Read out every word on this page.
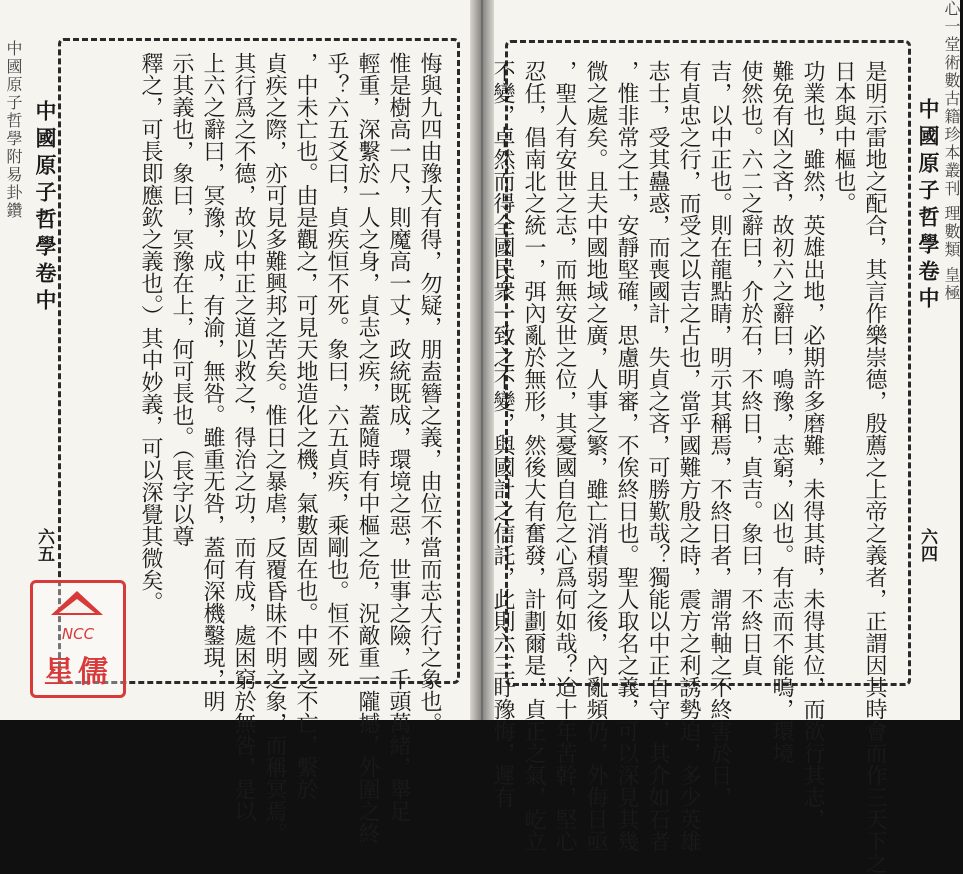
中國原子哲學附易卦鑽	心一堂術數古籍珍本叢刊 理數類 皇極
中國原子哲學卷中	中國原子哲學卷中
六五	六四
悔與九四由豫大有得，勿疑，朋盍簪之義，由位不當而志大行之象也。
惟是樹高一尺，則魔高一丈，政統既成，環境之惡，世事之險，千頭萬緒，舉足
輕重，深繫於一人之身，貞志之疾，蓋隨時有中樞之危，況敵重一隴撼，外圍之終
乎？六五爻曰，貞疾恒不死。象曰，六五貞疾，乘剛也。恒不死
，中未亡也。由是觀之，可見天地造化之機，氣數固在也。中國之不亡，繫於
貞疾之際，亦可見多難興邦之苦矣。惟日之暴虐，反覆昏昧不明之象，而稱冥焉。
其行爲之不德，故以中正之道以救之，得治之功，而有成，處困窮於無咎，是以
上六之辭曰，冥豫，成，有渝，無咎。雖重无咎，蓋何深機鑿現，明
示其義也，象曰，冥豫在上，何可長也。（長字以尊
釋之，可長即應欽之義也。）其中妙義，可以深覺其微矣。	是明示雷地之配合，其言作樂崇德，殷薦之上帝之義者，正謂因其時會而作三天下之
日本與中樞也。
功業也，雖然，英雄出地，必期許多磨難，未得其時，未得其位，而欲行其志，
難免有凶之吝，故初六之辭曰，鳴豫，志窮，凶也。有志而不能鳴，環境
使然也。六二之辭曰，介於石，不終日，貞吉。象曰，不終日貞
吉，以中正也。則在龍點睛，明示其稱焉，不終日者，謂常軸之不終害於日，
有貞忠之行，而受之以吉之占也，當乎國難方殷之時，震方之利誘勢迫，多少英雄
志士，受其蠱惑，而喪國計，失貞之吝，可勝歎哉？獨能以中正自守，其介如石者
，惟非常之士，安靜堅確，思慮明審，不俟終日也。聖人取名之義，可以深見其幾
微之處矣。且夫中國地域之廣，人事之繁，雖亡消積弱之後，內亂頻仍，外侮日亟
，聖人有安世之志，而無安世之位，其憂國自危之心爲何如哉？迨十年苦幹，堅心
忍任，倡南北之統一，弭內亂於無形，然後大有奮發，計劃爾是，貞正之氣，屹立
不變，卓然而得全國民衆一致之不變，與國計之信託，此則六三盱豫悔，遲有
NCC
星儒
